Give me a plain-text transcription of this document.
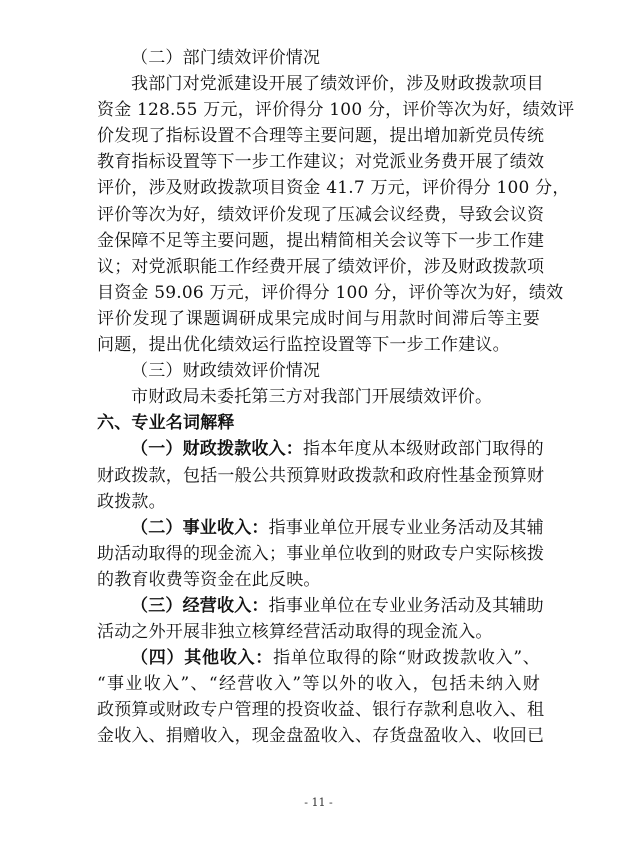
（二）部门绩效评价情况
我部门对党派建设开展了绩效评价，涉及财政拨款项目
资金 128.55 万元，评价得分 100 分，评价等次为好，绩效评
价发现了指标设置不合理等主要问题，提出增加新党员传统
教育指标设置等下一步工作建议；对党派业务费开展了绩效
评价，涉及财政拨款项目资金 41.7 万元，评价得分 100 分，
评价等次为好，绩效评价发现了压减会议经费，导致会议资
金保障不足等主要问题，提出精简相关会议等下一步工作建
议；对党派职能工作经费开展了绩效评价，涉及财政拨款项
目资金 59.06 万元，评价得分 100 分，评价等次为好，绩效
评价发现了课题调研成果完成时间与用款时间滞后等主要
问题，提出优化绩效运行监控设置等下一步工作建议。
（三）财政绩效评价情况
市财政局未委托第三方对我部门开展绩效评价。
六、专业名词解释
（一）财政拨款收入：指本年度从本级财政部门取得的
财政拨款，包括一般公共预算财政拨款和政府性基金预算财
政拨款。
（二）事业收入：指事业单位开展专业业务活动及其辅
助活动取得的现金流入；事业单位收到的财政专户实际核拨
的教育收费等资金在此反映。
（三）经营收入：指事业单位在专业业务活动及其辅助
活动之外开展非独立核算经营活动取得的现金流入。
（四）其他收入：指单位取得的除“财政拨款收入”、
“事业收入”、“经营收入”等以外的收入，包括未纳入财
政预算或财政专户管理的投资收益、银行存款利息收入、租
金收入、捐赠收入，现金盘盈收入、存货盘盈收入、收回已
- 11 -
